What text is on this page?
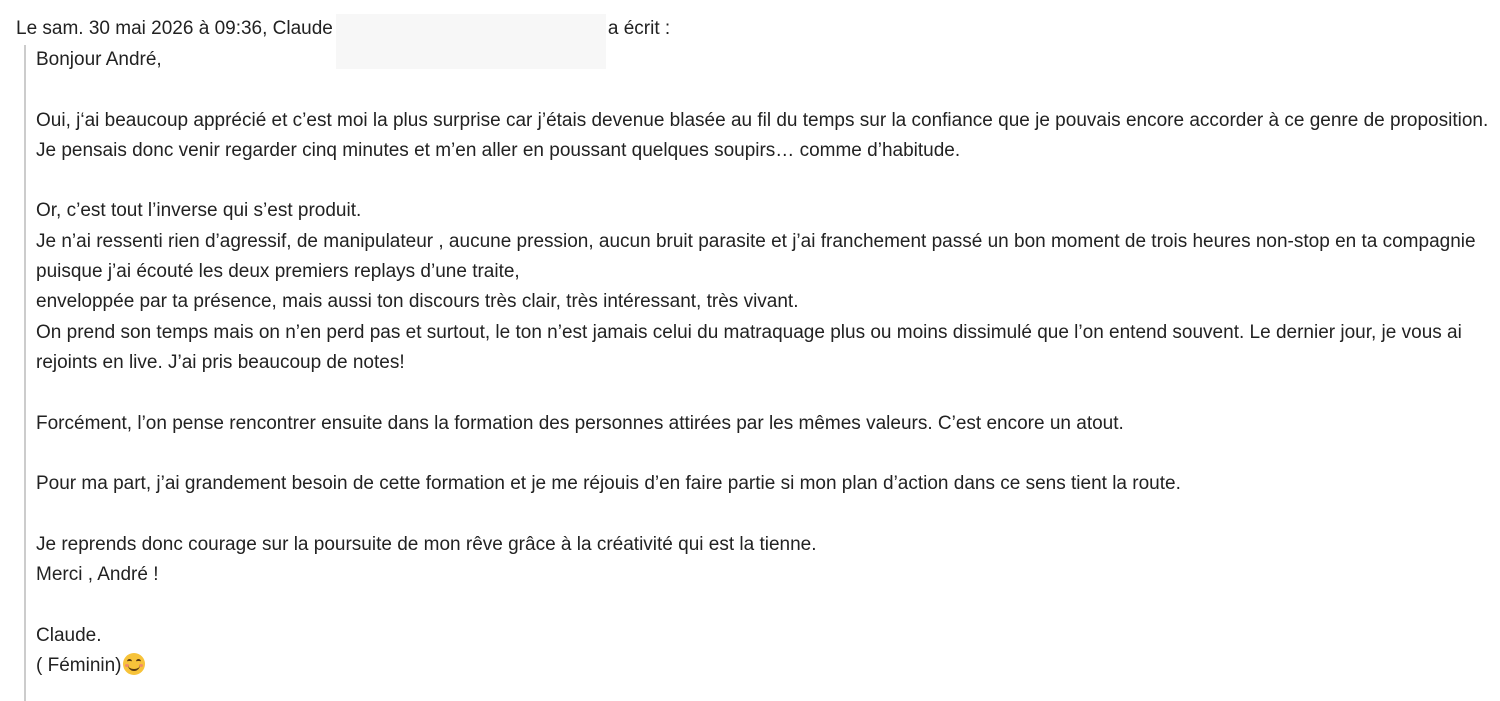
Le sam. 30 mai 2026 à 09:36, Claude	a écrit :

Bonjour André,

Oui, j‘ai beaucoup apprécié et c’est moi la plus surprise car j’étais devenue blasée au fil du temps sur la confiance que je pouvais encore accorder à ce genre de proposition. Je pensais donc venir regarder cinq minutes et m’en aller en poussant quelques soupirs… comme d’habitude.

Or, c’est tout l’inverse qui s’est produit.

Je n’ai ressenti rien d’agressif, de manipulateur , aucune pression, aucun bruit parasite et j’ai franchement passé un bon moment de trois heures non-stop en ta compagnie puisque j’ai écouté les deux premiers replays d’une traite,

enveloppée par ta présence, mais aussi ton discours très clair, très intéressant, très vivant.

On prend son temps mais on n’en perd pas et surtout, le ton n’est jamais celui du matraquage plus ou moins dissimulé que l’on entend souvent. Le dernier jour, je vous ai rejoints en live. J’ai pris beaucoup de notes!

Forcément, l’on pense rencontrer ensuite dans la formation des personnes attirées par les mêmes valeurs. C’est encore un atout.

Pour ma part, j’ai grandement besoin de cette formation et je me réjouis d’en faire partie si mon plan d’action dans ce sens tient la route.

Je reprends donc courage sur la poursuite de mon rêve grâce à la créativité qui est la tienne.

Merci , André !

Claude.

( Féminin)
